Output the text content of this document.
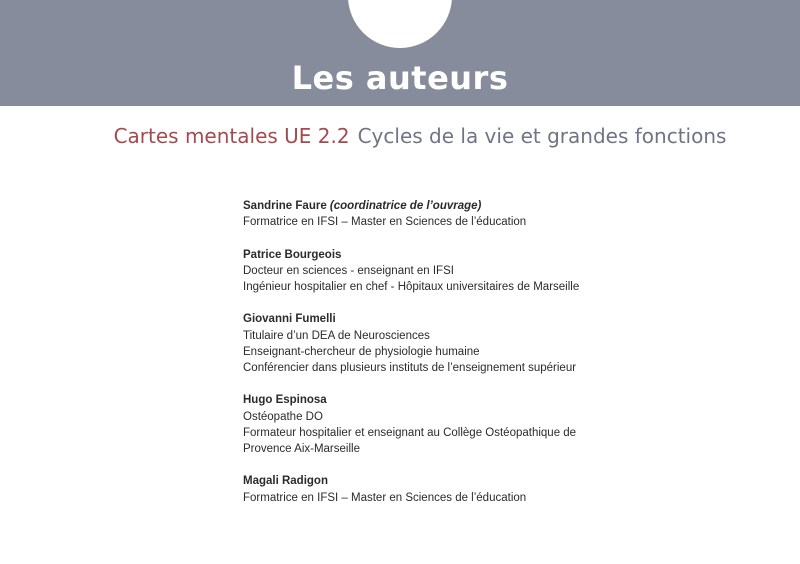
Les auteurs
Cartes mentales UE 2.2 Cycles de la vie et grandes fonctions
Sandrine Faure (coordinatrice de l’ouvrage)
Formatrice en IFSI – Master en Sciences de l’éducation
Patrice Bourgeois
Docteur en sciences - enseignant en IFSI
Ingénieur hospitalier en chef - Hôpitaux universitaires de Marseille
Giovanni Fumelli
Titulaire d’un DEA de Neurosciences
Enseignant-chercheur de physiologie humaine
Conférencier dans plusieurs instituts de l’enseignement supérieur
Hugo Espinosa
Ostéopathe DO
Formateur hospitalier et enseignant au Collège Ostéopathique de
Provence Aix-Marseille
Magali Radigon
Formatrice en IFSI – Master en Sciences de l’éducation
